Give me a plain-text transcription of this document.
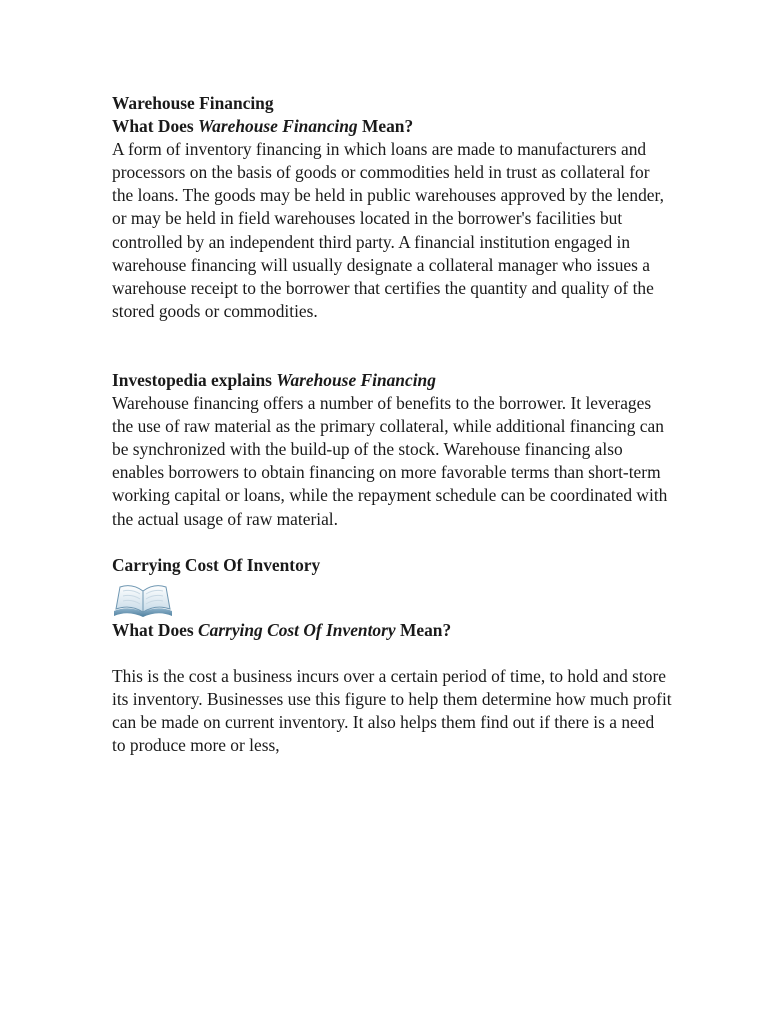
Warehouse Financing

What Does Warehouse Financing Mean?

A form of inventory financing in which loans are made to manufacturers and processors on the basis of goods or commodities held in trust as collateral for the loans. The goods may be held in public warehouses approved by the lender, or may be held in field warehouses located in the borrower's facilities but controlled by an independent third party. A financial institution engaged in warehouse financing will usually designate a collateral manager who issues a warehouse receipt to the borrower that certifies the quantity and quality of the stored goods or commodities.

Investopedia explains Warehouse Financing

Warehouse financing offers a number of benefits to the borrower. It leverages the use of raw material as the primary collateral, while additional financing can be synchronized with the build-up of the stock. Warehouse financing also enables borrowers to obtain financing on more favorable terms than short-term working capital or loans, while the repayment schedule can be coordinated with the actual usage of raw material.

Carrying Cost Of Inventory

What Does Carrying Cost Of Inventory Mean?

This is the cost a business incurs over a certain period of time, to hold and store its inventory. Businesses use this figure to help them determine how much profit can be made on current inventory. It also helps them find out if there is a need to produce more or less,
